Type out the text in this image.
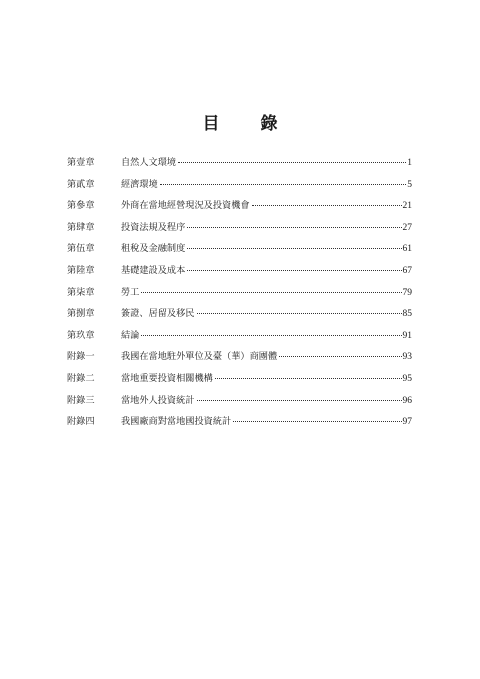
目　錄
第壹章	自然人文環境	1
第貳章	經濟環境	5
第參章	外商在當地經營現況及投資機會	21
第肆章	投資法規及程序	27
第伍章	租稅及金融制度	61
第陸章	基礎建設及成本	67
第柒章	勞工	79
第捌章	簽證、居留及移民	85
第玖章	結論	91
附錄一	我國在當地駐外單位及臺（華）商團體	93
附錄二	當地重要投資相關機構	95
附錄三	當地外人投資統計	96
附錄四	我國廠商對當地國投資統計	97
